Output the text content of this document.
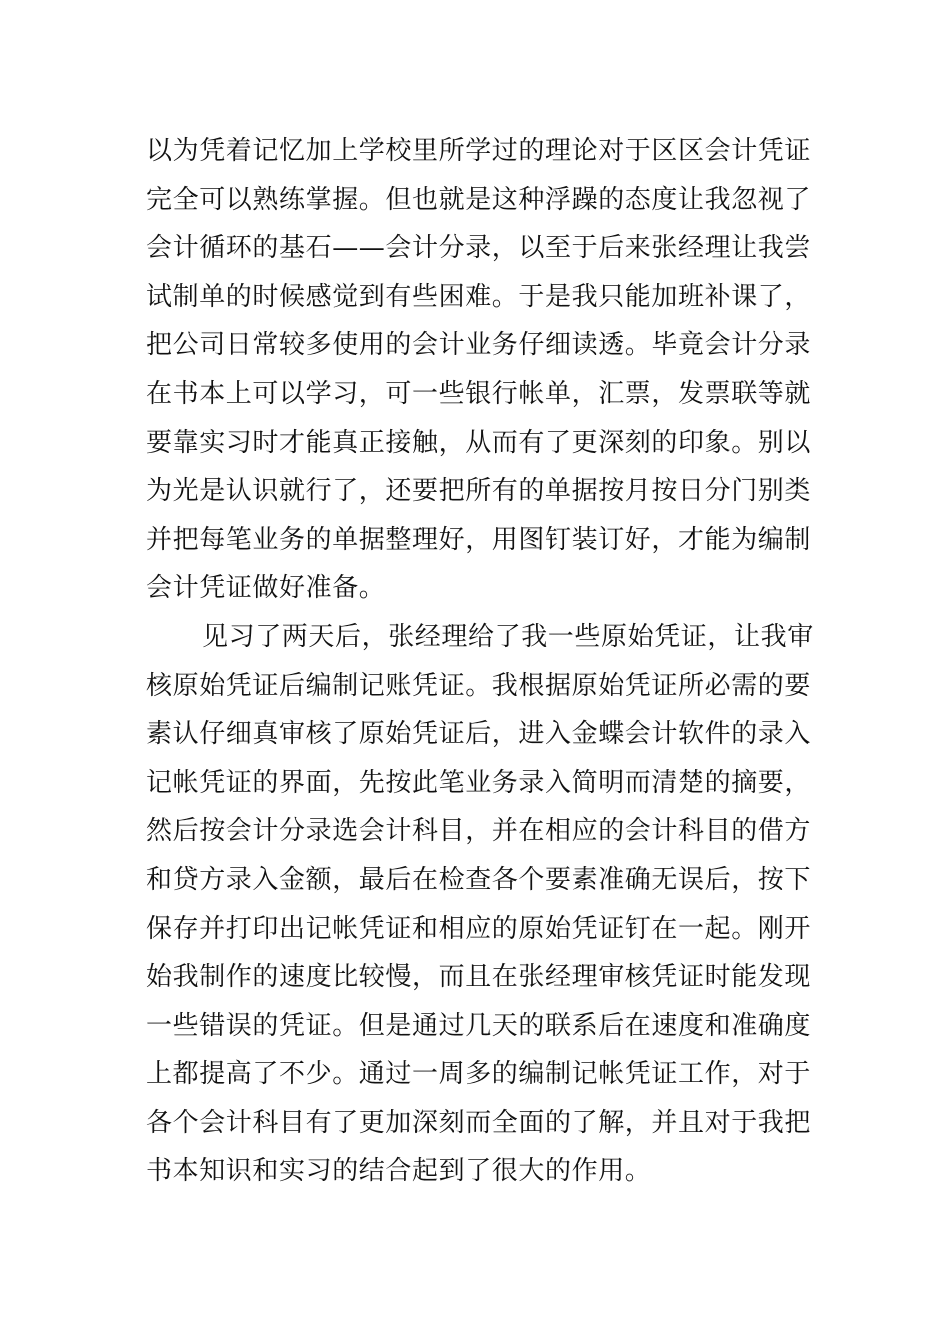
以为凭着记忆加上学校里所学过的理论对于区区会计凭证
完全可以熟练掌握。但也就是这种浮躁的态度让我忽视了
会计循环的基石——会计分录，以至于后来张经理让我尝
试制单的时候感觉到有些困难。于是我只能加班补课了，
把公司日常较多使用的会计业务仔细读透。毕竟会计分录
在书本上可以学习，可一些银行帐单，汇票，发票联等就
要靠实习时才能真正接触，从而有了更深刻的印象。别以
为光是认识就行了，还要把所有的单据按月按日分门别类
并把每笔业务的单据整理好，用图钉装订好，才能为编制
会计凭证做好准备。
见习了两天后，张经理给了我一些原始凭证，让我审
核原始凭证后编制记账凭证。我根据原始凭证所必需的要
素认仔细真审核了原始凭证后，进入金蝶会计软件的录入
记帐凭证的界面，先按此笔业务录入简明而清楚的摘要，
然后按会计分录选会计科目，并在相应的会计科目的借方
和贷方录入金额，最后在检查各个要素准确无误后，按下
保存并打印出记帐凭证和相应的原始凭证钉在一起。刚开
始我制作的速度比较慢，而且在张经理审核凭证时能发现
一些错误的凭证。但是通过几天的联系后在速度和准确度
上都提高了不少。通过一周多的编制记帐凭证工作，对于
各个会计科目有了更加深刻而全面的了解，并且对于我把
书本知识和实习的结合起到了很大的作用。
